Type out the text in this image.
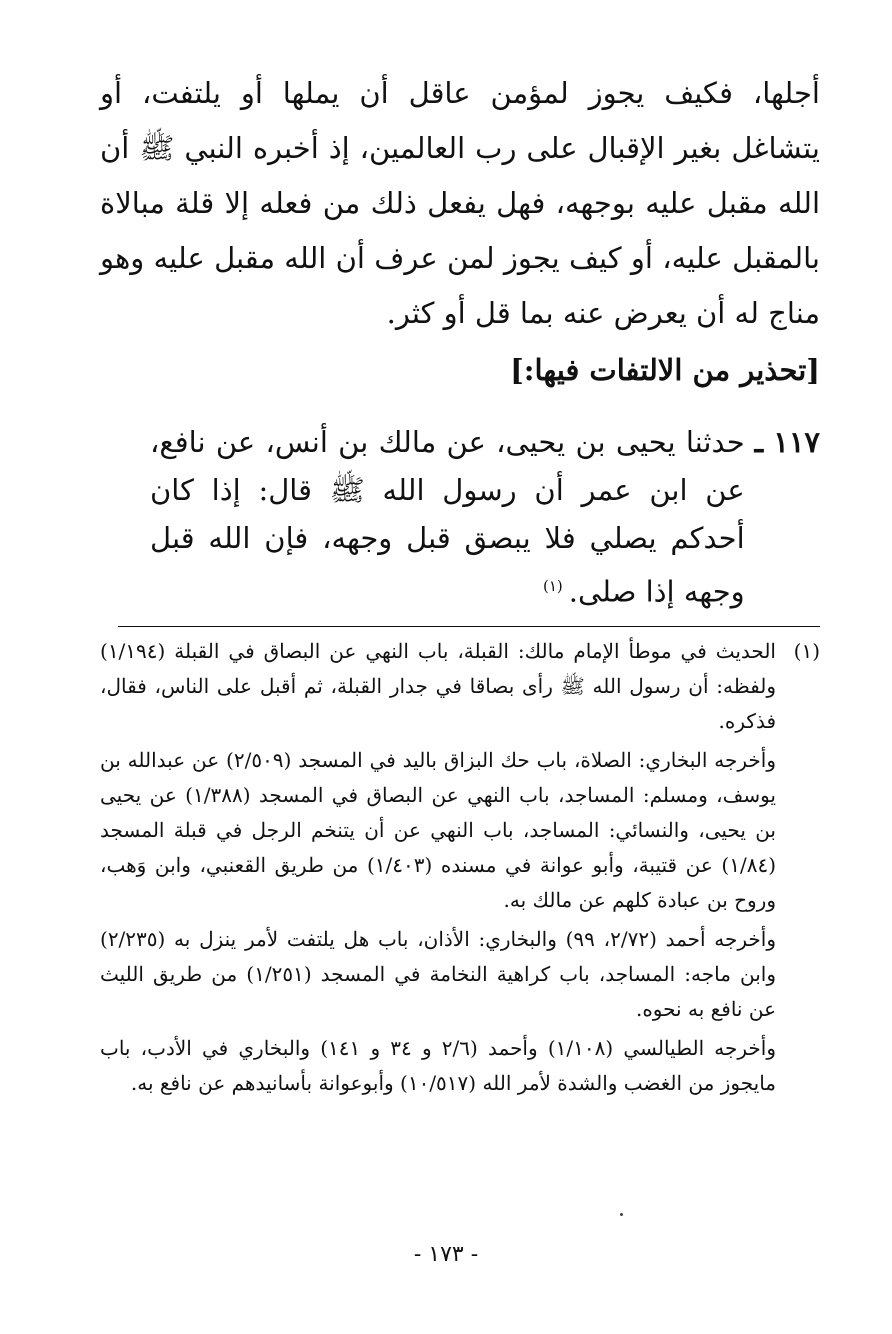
أجلها، فكيف يجوز لمؤمن عاقل أن يملها أو يلتفت، أو يتشاغل بغير الإقبال على رب العالمين، إذ أخبره النبي ﷺ أن الله مقبل عليه بوجهه، فهل يفعل ذلك من فعله إلا قلة مبالاة بالمقبل عليه، أو كيف يجوز لمن عرف أن الله مقبل عليه وهو مناج له أن يعرض عنه بما قل أو كثر.

[تحذير من الالتفات فيها:]
١١٧ ـ
حدثنا يحيى بن يحيى، عن مالك بن أنس، عن نافع، عن ابن عمر أن رسول الله ﷺ قال: إذا كان أحدكم يصلي فلا يبصق قبل وجهه، فإن الله قبل وجهه إذا صلى.$^{(١)}$
(١)

الحديث في موطأ الإمام مالك: القبلة، باب النهي عن البصاق في القبلة (١/١٩٤) ولفظه: أن رسول الله ﷺ رأى بصاقا في جدار القبلة، ثم أقبل على الناس، فقال، فذكره.

وأخرجه البخاري: الصلاة، باب حك البزاق باليد في المسجد (٢/٥٠٩) عن عبدالله بن يوسف، ومسلم: المساجد، باب النهي عن البصاق في المسجد (١/٣٨٨) عن يحيى بن يحيى، والنسائي: المساجد، باب النهي عن أن يتنخم الرجل في قبلة المسجد (١/٨٤) عن قتيبة، وأبو عوانة في مسنده (١/٤٠٣) من طريق القعنبي، وابن وَهب، وروح بن عبادة كلهم عن مالك به.

وأخرجه أحمد (٢/٧٢، ٩٩) والبخاري: الأذان، باب هل يلتفت لأمر ينزل به (٢/٢٣٥) وابن ماجه: المساجد، باب كراهية النخامة في المسجد (١/٢٥١) من طريق الليث عن نافع به نحوه.

وأخرجه الطيالسي (١/١٠٨) وأحمد (٢/٦ و ٣٤ و ١٤١) والبخاري في الأدب، باب مايجوز من الغضب والشدة لأمر الله (١٠/٥١٧) وأبوعوانة بأسانيدهم عن نافع به.

- ١٧٣ -
